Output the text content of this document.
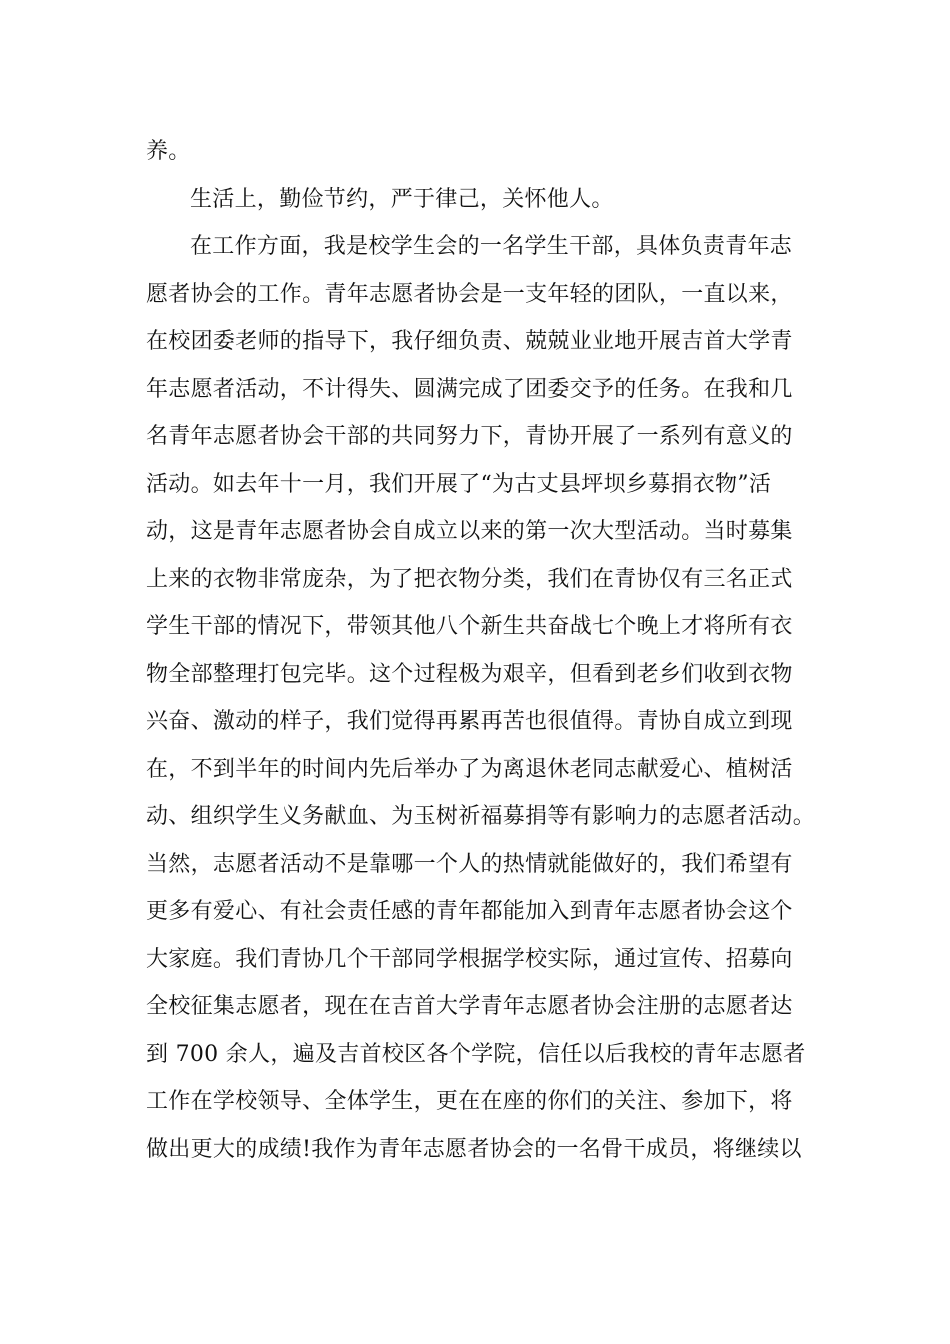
养。
生活上，勤俭节约，严于律己，关怀他人。
在工作方面，我是校学生会的一名学生干部，具体负责青年志
愿者协会的工作。青年志愿者协会是一支年轻的团队，一直以来，
在校团委老师的指导下，我仔细负责、兢兢业业地开展吉首大学青
年志愿者活动，不计得失、圆满完成了团委交予的任务。在我和几
名青年志愿者协会干部的共同努力下，青协开展了一系列有意义的
活动。如去年十一月，我们开展了“为古丈县坪坝乡募捐衣物”活
动，这是青年志愿者协会自成立以来的第一次大型活动。当时募集
上来的衣物非常庞杂，为了把衣物分类，我们在青协仅有三名正式
学生干部的情况下，带领其他八个新生共奋战七个晚上才将所有衣
物全部整理打包完毕。这个过程极为艰辛，但看到老乡们收到衣物
兴奋、激动的样子，我们觉得再累再苦也很值得。青协自成立到现
在，不到半年的时间内先后举办了为离退休老同志献爱心、植树活
动、组织学生义务献血、为玉树祈福募捐等有影响力的志愿者活动。
当然，志愿者活动不是靠哪一个人的热情就能做好的，我们希望有
更多有爱心、有社会责任感的青年都能加入到青年志愿者协会这个
大家庭。我们青协几个干部同学根据学校实际，通过宣传、招募向
全校征集志愿者，现在在吉首大学青年志愿者协会注册的志愿者达
到 700 余人，遍及吉首校区各个学院，信任以后我校的青年志愿者
工作在学校领导、全体学生，更在在座的你们的关注、参加下，将
做出更大的成绩!我作为青年志愿者协会的一名骨干成员，将继续以
